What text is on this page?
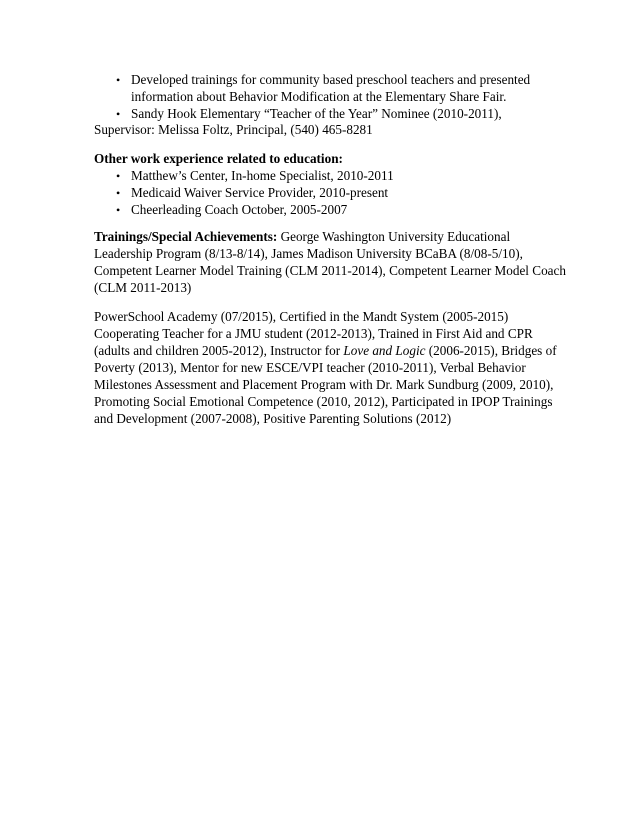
• Developed trainings for community based preschool teachers and presented
information about Behavior Modification at the Elementary Share Fair.
• Sandy Hook Elementary “Teacher of the Year” Nominee (2010-2011),
Supervisor: Melissa Foltz, Principal, (540) 465-8281
Other work experience related to education:
• Matthew’s Center, In-home Specialist, 2010-2011
• Medicaid Waiver Service Provider, 2010-present
• Cheerleading Coach October, 2005-2007
Trainings/Special Achievements: George Washington University Educational
Leadership Program (8/13-8/14), James Madison University BCaBA (8/08-5/10),
Competent Learner Model Training (CLM 2011-2014), Competent Learner Model Coach
(CLM 2011-2013)
PowerSchool Academy (07/2015), Certified in the Mandt System (2005-2015)
Cooperating Teacher for a JMU student (2012-2013), Trained in First Aid and CPR
(adults and children 2005-2012), Instructor for Love and Logic (2006-2015), Bridges of
Poverty (2013), Mentor for new ESCE/VPI teacher (2010-2011), Verbal Behavior
Milestones Assessment and Placement Program with Dr. Mark Sundburg (2009, 2010),
Promoting Social Emotional Competence (2010, 2012), Participated in IPOP Trainings
and Development (2007-2008), Positive Parenting Solutions (2012)
